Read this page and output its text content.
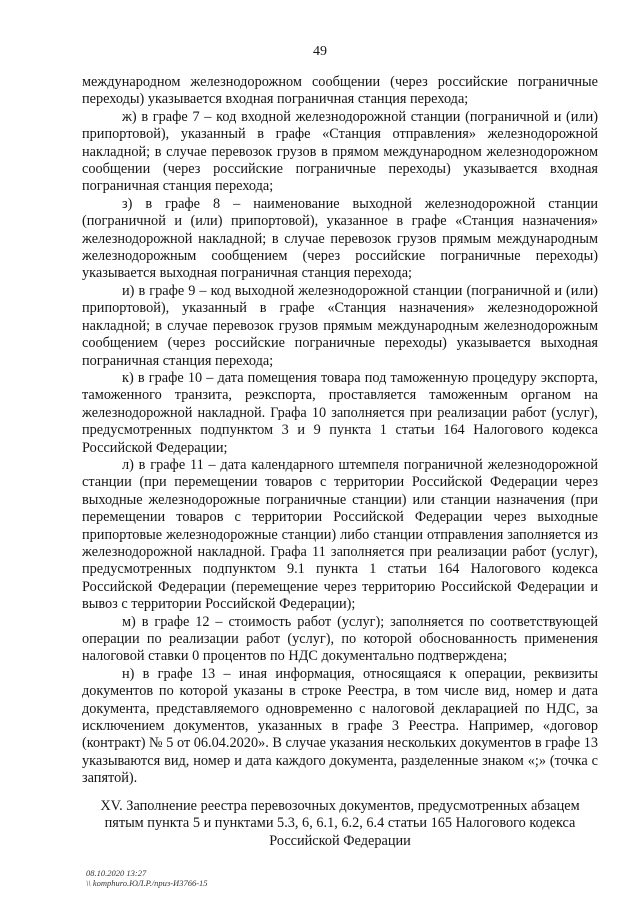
49

международном железнодорожном сообщении (через российские пограничные переходы) указывается входная пограничная станция перехода;

ж) в графе 7 – код входной железнодорожной станции (пограничной и (или) припортовой), указанный в графе «Станция отправления» железнодорожной накладной; в случае перевозок грузов в прямом международном железнодорожном сообщении (через российские пограничные переходы) указывается входная пограничная станция перехода;

з) в графе 8 – наименование выходной железнодорожной станции (пограничной и (или) припортовой), указанное в графе «Станция назначения» железнодорожной накладной; в случае перевозок грузов прямым международным железнодорожным сообщением (через российские пограничные переходы) указывается выходная пограничная станция перехода;

и) в графе 9 – код выходной железнодорожной станции (пограничной и (или) припортовой), указанный в графе «Станция назначения» железнодорожной накладной; в случае перевозок грузов прямым международным железнодорожным сообщением (через российские пограничные переходы) указывается выходная пограничная станция перехода;

к) в графе 10 – дата помещения товара под таможенную процедуру экспорта, таможенного транзита, реэкспорта, проставляется таможенным органом на железнодорожной накладной. Графа 10 заполняется при реализации работ (услуг), предусмотренных подпунктом 3 и 9 пункта 1 статьи 164 Налогового кодекса Российской Федерации;

л) в графе 11 – дата календарного штемпеля пограничной железнодорожной станции (при перемещении товаров с территории Российской Федерации через выходные железнодорожные пограничные станции) или станции назначения (при перемещении товаров с территории Российской Федерации через выходные припортовые железнодорожные станции) либо станции отправления заполняется из железнодорожной накладной. Графа 11 заполняется при реализации работ (услуг), предусмотренных подпунктом 9.1 пункта 1 статьи 164 Налогового кодекса Российской Федерации (перемещение через территорию Российской Федерации и вывоз с территории Российской Федерации);

м) в графе 12 – стоимость работ (услуг); заполняется по соответствующей операции по реализации работ (услуг), по которой обоснованность применения налоговой ставки 0 процентов по НДС документально подтверждена;

н) в графе 13 – иная информация, относящаяся к операции, реквизиты документов по которой указаны в строке Реестра, в том числе вид, номер и дата документа, представляемого одновременно с налоговой декларацией по НДС, за исключением документов, указанных в графе 3 Реестра. Например, «договор (контракт) № 5 от 06.04.2020». В случае указания нескольких документов в графе 13 указываются вид, номер и дата каждого документа, разделенные знаком «;» (точка с запятой).

XV. Заполнение реестра перевозочных документов, предусмотренных абзацем пятым пункта 5 и пунктами 5.3, 6, 6.1, 6.2, 6.4 статьи 165 Налогового кодекса Российской Федерации

08.10.2020 13:27
\\ komphuro.ЮЛ.P./приз-И3766-15
